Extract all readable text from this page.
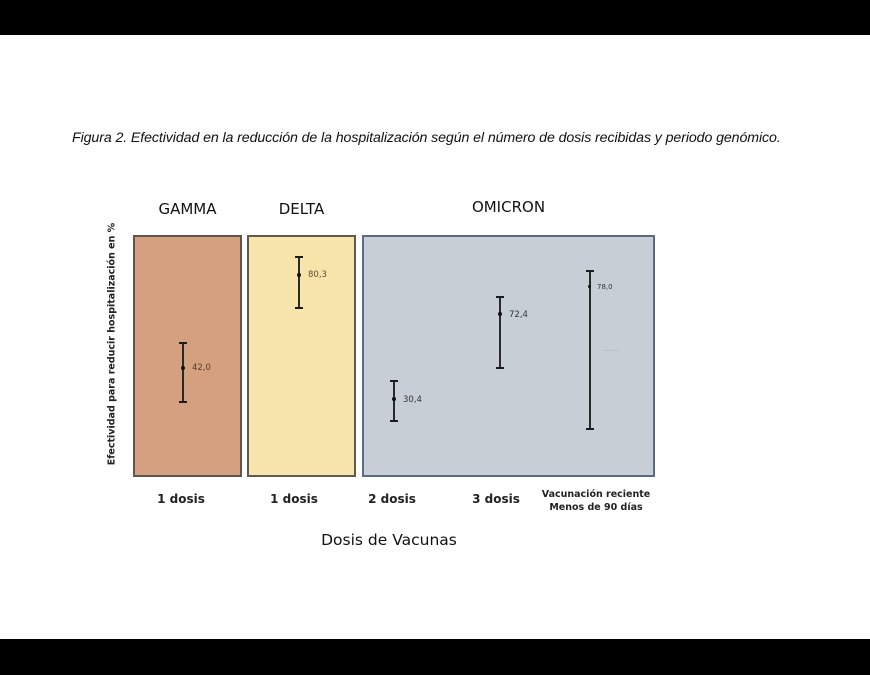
Figura 2. Efectividad en la reducción de la hospitalización según el número de dosis recibidas y periodo genómico.
GAMMA	DELTA	OMICRON
Efectividad para reducir hospitalización en %	42,0
80,3
30,4
72,4
78,0
1 dosis	1 dosis	2 dosis	3 dosis Vacunación reciente
Menos de 90 días
Dosis de Vacunas
